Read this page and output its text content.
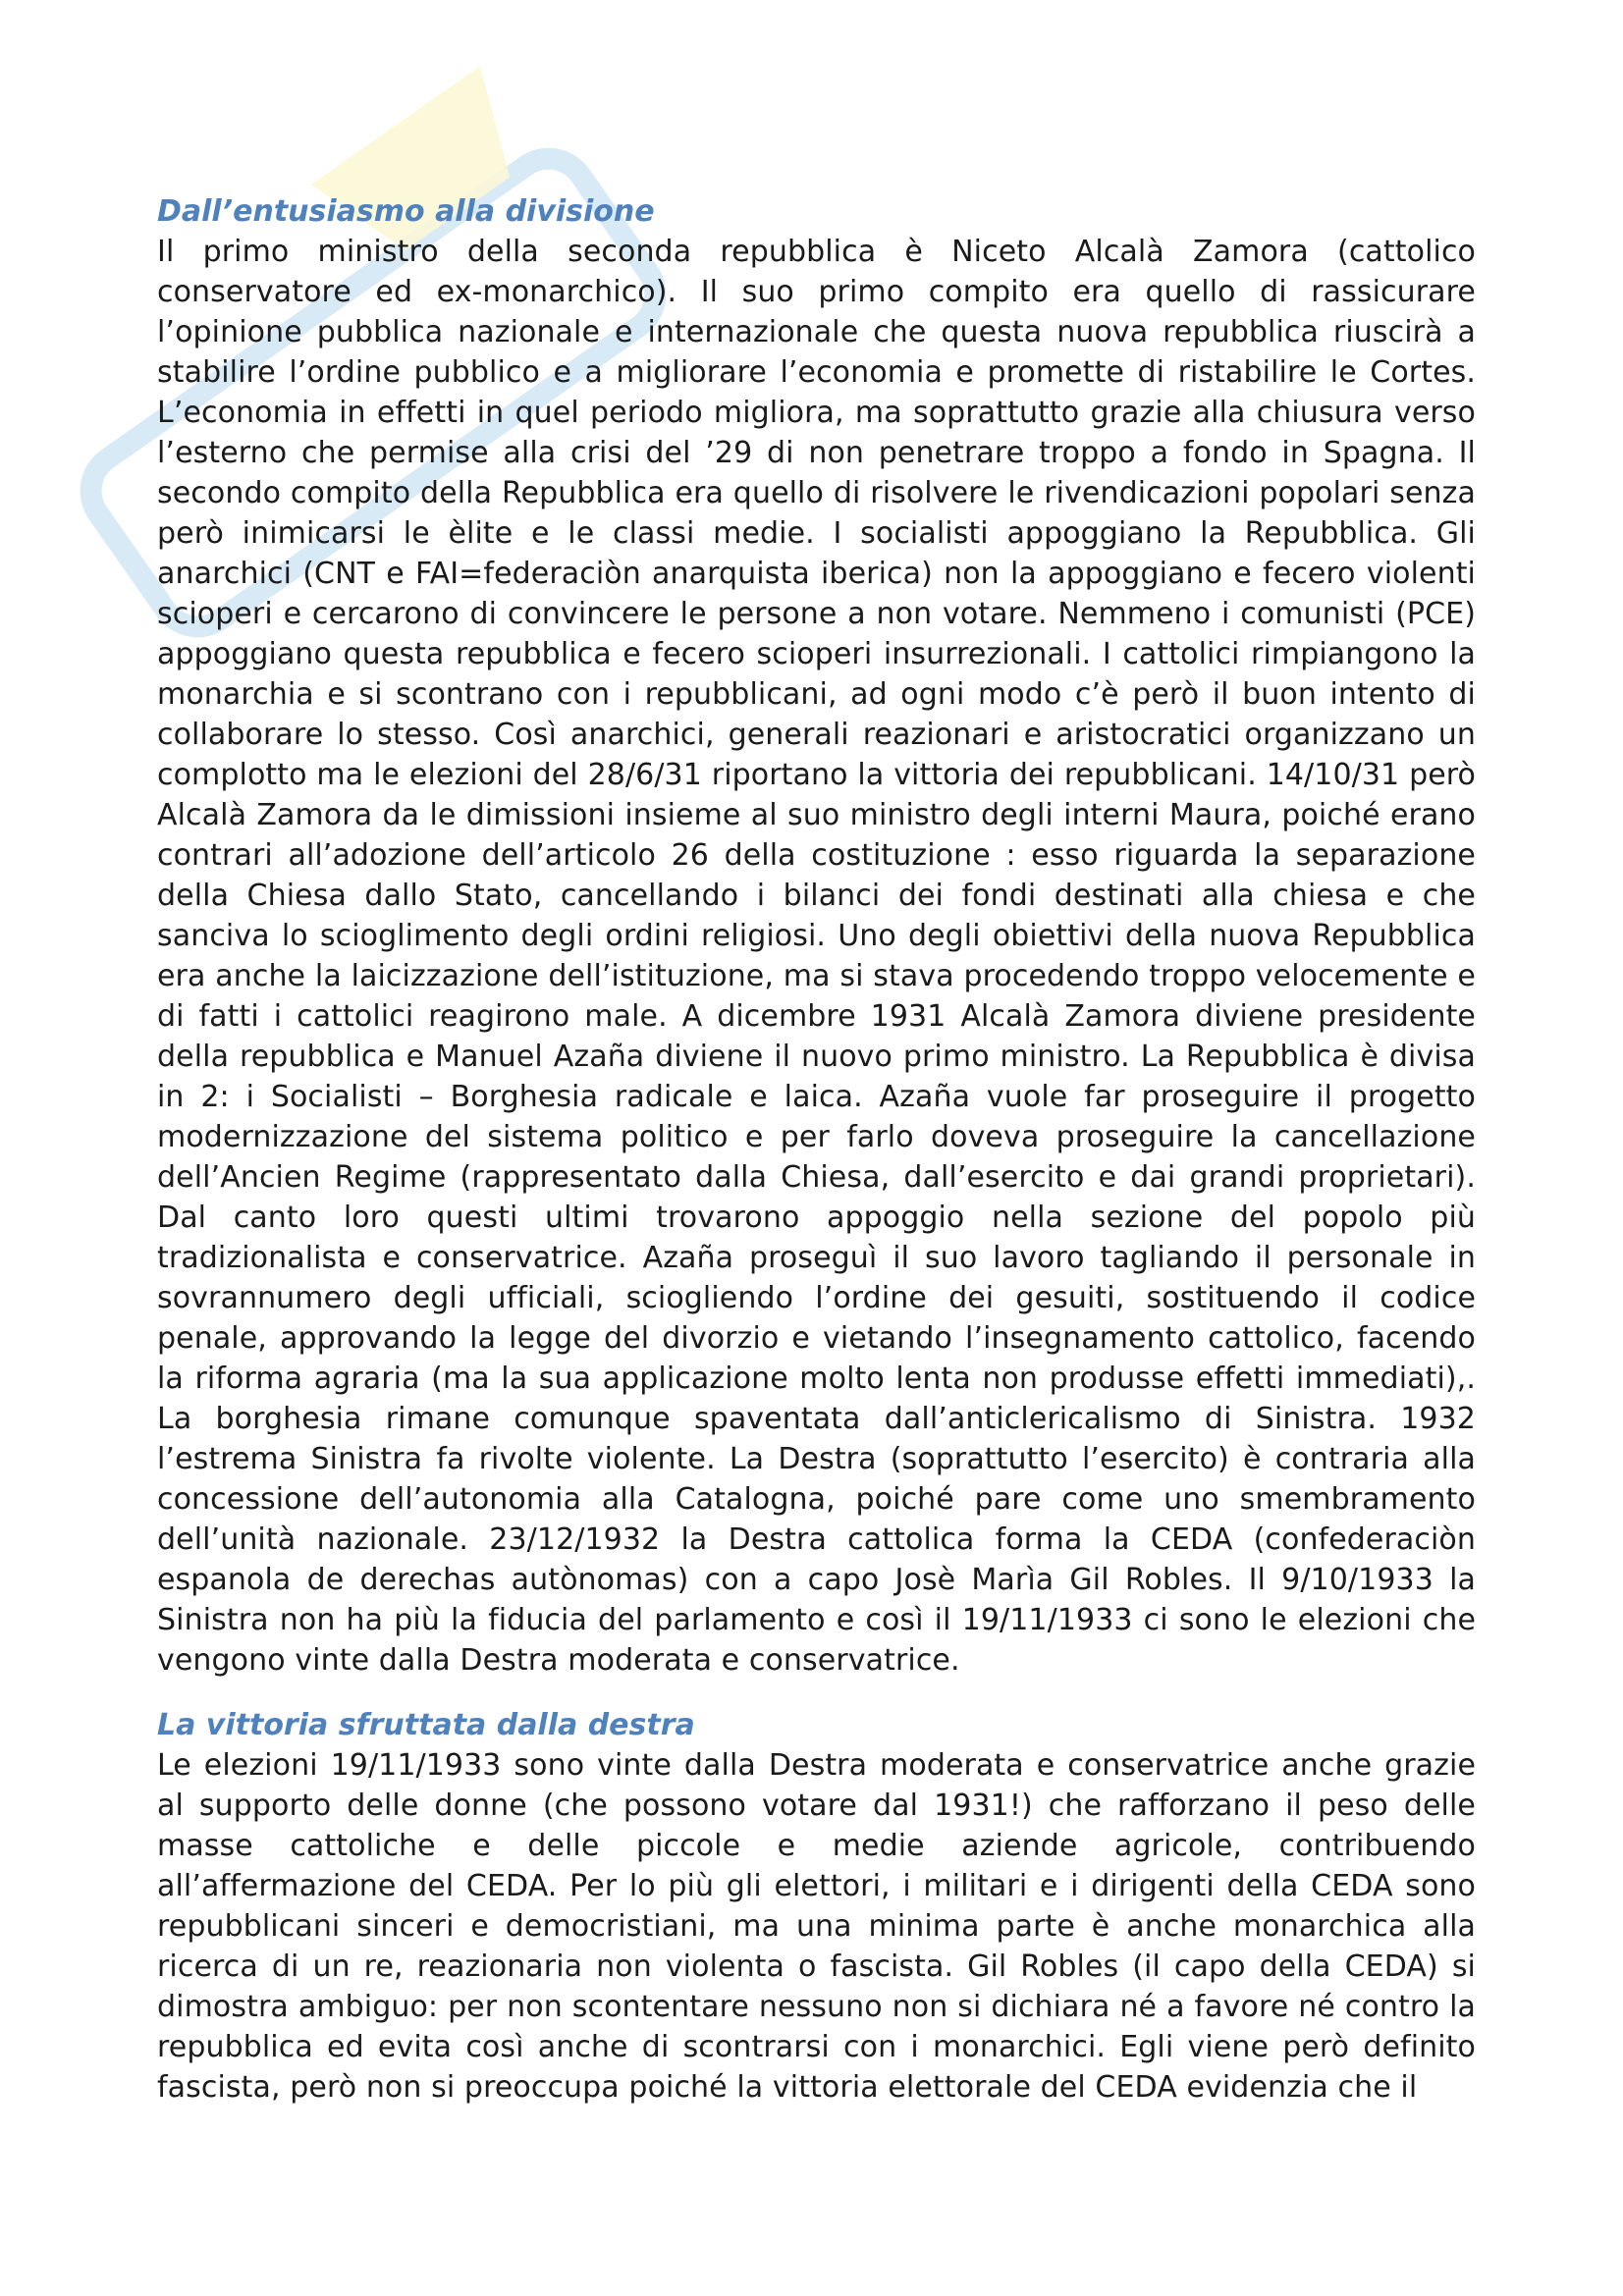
Dall’entusiasmo alla divisione

Il primo ministro della seconda repubblica è Niceto Alcalà Zamora (cattolico conservatore ed ex-monarchico). Il suo primo compito era quello di rassicurare l’opinione pubblica nazionale e internazionale che questa nuova repubblica riuscirà a stabilire l’ordine pubblico e a migliorare l’economia e promette di ristabilire le Cortes. L’economia in effetti in quel periodo migliora, ma soprattutto grazie alla chiusura verso l’esterno che permise alla crisi del ’29 di non penetrare troppo a fondo in Spagna. Il secondo compito della Repubblica era quello di risolvere le rivendicazioni popolari senza però inimicarsi le èlite e le classi medie. I socialisti appoggiano la Repubblica. Gli anarchici (CNT e FAI=federaciòn anarquista iberica) non la appoggiano e fecero violenti scioperi e cercarono di convincere le persone a non votare. Nemmeno i comunisti (PCE) appoggiano questa repubblica e fecero scioperi insurrezionali. I cattolici rimpiangono la monarchia e si scontrano con i repubblicani, ad ogni modo c’è però il buon intento di collaborare lo stesso. Così anarchici, generali reazionari e aristocratici organizzano un complotto ma le elezioni del 28/6/31 riportano la vittoria dei repubblicani. 14/10/31 però Alcalà Zamora da le dimissioni insieme al suo ministro degli interni Maura, poiché erano contrari all’adozione dell’articolo 26 della costituzione : esso riguarda la separazione della Chiesa dallo Stato, cancellando i bilanci dei fondi destinati alla chiesa e che sanciva lo scioglimento degli ordini religiosi. Uno degli obiettivi della nuova Repubblica era anche la laicizzazione dell’istituzione, ma si stava procedendo troppo velocemente e di fatti i cattolici reagirono male. A dicembre 1931 Alcalà Zamora diviene presidente della repubblica e Manuel Azaña diviene il nuovo primo ministro. La Repubblica è divisa in 2: i Socialisti – Borghesia radicale e laica. Azaña vuole far proseguire il progetto modernizzazione del sistema politico e per farlo doveva proseguire la cancellazione dell’Ancien Regime (rappresentato dalla Chiesa, dall’esercito e dai grandi proprietari). Dal canto loro questi ultimi trovarono appoggio nella sezione del popolo più tradizionalista e conservatrice. Azaña proseguì il suo lavoro tagliando il personale in sovrannumero degli ufficiali, sciogliendo l’ordine dei gesuiti, sostituendo il codice penale, approvando la legge del divorzio e vietando l’insegnamento cattolico, facendo la riforma agraria (ma la sua applicazione molto lenta non produsse effetti immediati),. La borghesia rimane comunque spaventata dall’anticlericalismo di Sinistra. 1932 l’estrema Sinistra fa rivolte violente. La Destra (soprattutto l’esercito) è contraria alla concessione dell’autonomia alla Catalogna, poiché pare come uno smembramento dell’unità nazionale. 23/12/1932 la Destra cattolica forma la CEDA (confederaciòn espanola de derechas autònomas) con a capo Josè Marìa Gil Robles. Il 9/10/1933 la Sinistra non ha più la fiducia del parlamento e così il 19/11/1933 ci sono le elezioni che vengono vinte dalla Destra moderata e conservatrice.

La vittoria sfruttata dalla destra

Le elezioni 19/11/1933 sono vinte dalla Destra moderata e conservatrice anche grazie al supporto delle donne (che possono votare dal 1931!) che rafforzano il peso delle masse cattoliche e delle piccole e medie aziende agricole, contribuendo all’affermazione del CEDA. Per lo più gli elettori, i militari e i dirigenti della CEDA sono repubblicani sinceri e democristiani, ma una minima parte è anche monarchica alla ricerca di un re, reazionaria non violenta o fascista. Gil Robles (il capo della CEDA) si dimostra ambiguo: per non scontentare nessuno non si dichiara né a favore né contro la repubblica ed evita così anche di scontrarsi con i monarchici. Egli viene però definito fascista, però non si preoccupa poiché la vittoria elettorale del CEDA evidenzia che il
